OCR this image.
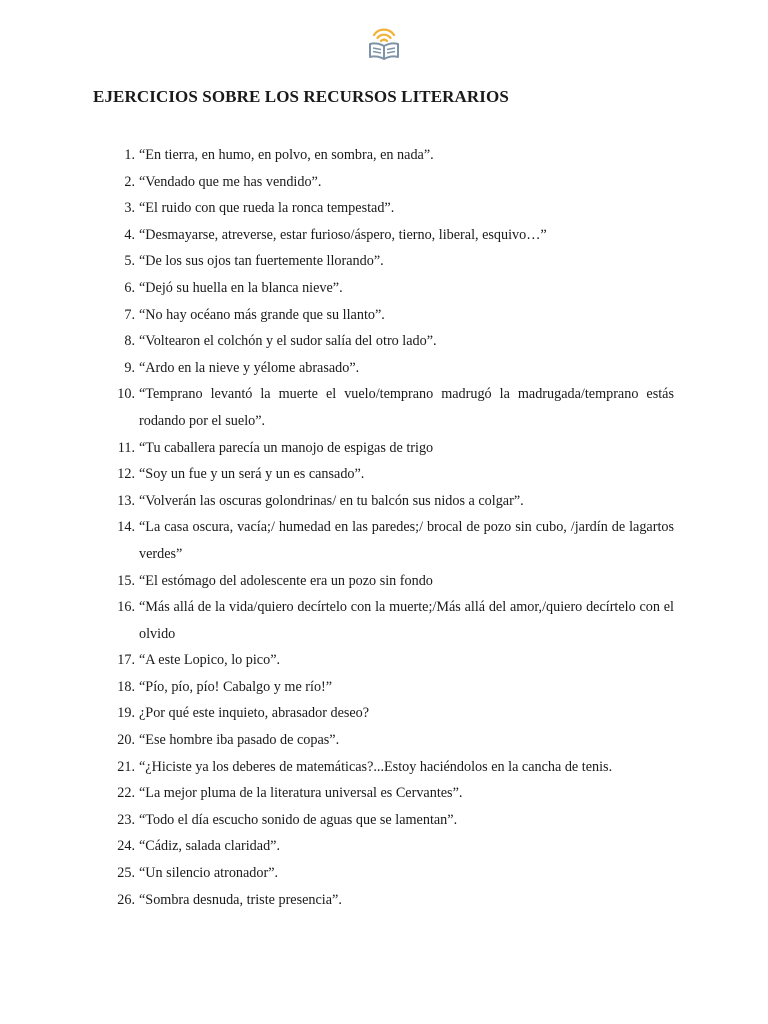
EJERCICIOS SOBRE LOS RECURSOS LITERARIOS
1 . “En tierra, en humo, en polvo, en sombra, en nada”.
2 . “Vendado que me has vendido”.
3 . “El ruido con que rueda la ronca tempestad”.
4 . “Desmayarse, atreverse, estar furioso/áspero, tierno, liberal, esquivo…”
5 . “De los sus ojos tan fuertemente llorando”.
6 . “Dejó su huella en la blanca nieve”.
7 . “No hay océano más grande que su llanto”.
8 . “Voltearon el colchón y el sudor salía del otro lado”.
9 . “Ardo en la nieve y yélome abrasado”.
10 . “Temprano levantó la muerte el vuelo/temprano madrugó la madrugada/temprano estás rodando por el suelo”.
11 . “Tu caballera parecía un manojo de espigas de trigo
12 . “Soy un fue y un será y un es cansado”.
13 . “Volverán las oscuras golondrinas/ en tu balcón sus nidos a colgar”.
14 . “La casa oscura, vacía;/ humedad en las paredes;/ brocal de pozo sin cubo, /jardín de lagartos verdes”
15 . “El estómago del adolescente era un pozo sin fondo
16 . “Más allá de la vida/quiero decírtelo con la muerte;/Más allá del amor,/quiero decírtelo con el olvido
17 . “A este Lopico, lo pico”.
18 . “Pío, pío, pío! Cabalgo y me río!”
19 . ¿Por qué este inquieto, abrasador deseo?
20 . “Ese hombre iba pasado de copas”.
21 . “¿Hiciste ya los deberes de matemáticas?...Estoy haciéndolos en la cancha de tenis.
22 . “La mejor pluma de la literatura universal es Cervantes”.
23 . “Todo el día escucho sonido de aguas que se lamentan”.
24 . “Cádiz, salada claridad”.
25 . “Un silencio atronador”.
26 . “Sombra desnuda, triste presencia”.
